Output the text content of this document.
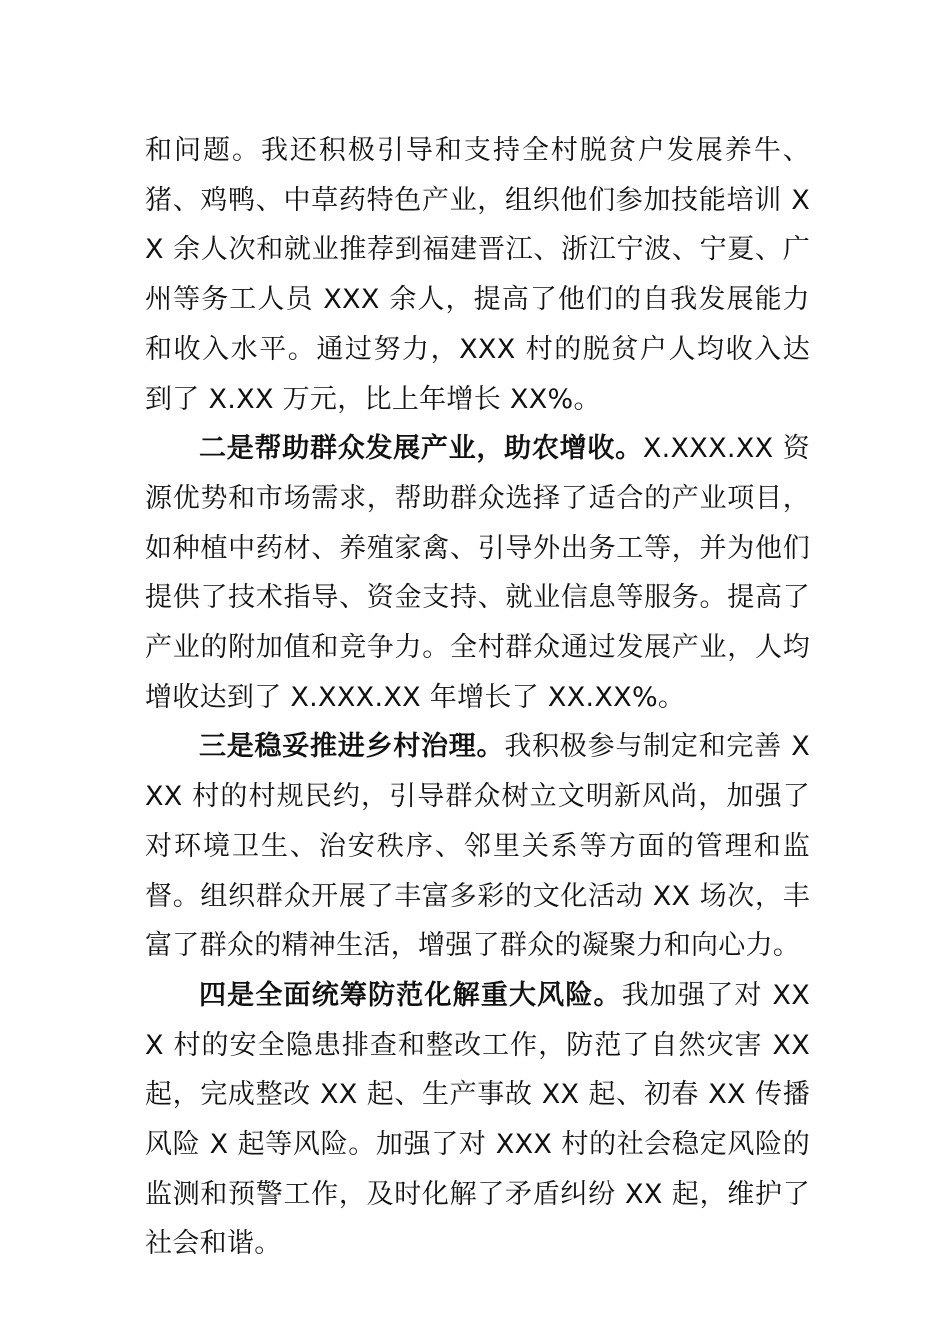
和问题。我还积极引导和支持全村脱贫户发展养牛、猪、鸡鸭、中草药特色产业，组织他们参加技能培训 XX 余人次和就业推荐到福建晋江、浙江宁波、宁夏、广州等务工人员 XXX 余人，提高了他们的自我发展能力和收入水平。通过努力，XXX 村的脱贫户人均收入达到了 X.XX 万元，比上年增长 XX%。

二是帮助群众发展产业，助农增收。X.XXX.XX 资源优势和市场需求，帮助群众选择了适合的产业项目，如种植中药材、养殖家禽、引导外出务工等，并为他们提供了技术指导、资金支持、就业信息等服务。提高了产业的附加值和竞争力。全村群众通过发展产业，人均增收达到了 X.XXX.XX 年增长了 XX.XX%。

三是稳妥推进乡村治理。我积极参与制定和完善 XXX 村的村规民约，引导群众树立文明新风尚，加强了对环境卫生、治安秩序、邻里关系等方面的管理和监督。组织群众开展了丰富多彩的文化活动 XX 场次，丰富了群众的精神生活，增强了群众的凝聚力和向心力。

四是全面统筹防范化解重大风险。我加强了对 XXX 村的安全隐患排查和整改工作，防范了自然灾害 XX 起，完成整改 XX 起、生产事故 XX 起、初春 XX 传播风险 X 起等风险。加强了对 XXX 村的社会稳定风险的监测和预警工作，及时化解了矛盾纠纷 XX 起，维护了社会和谐。
